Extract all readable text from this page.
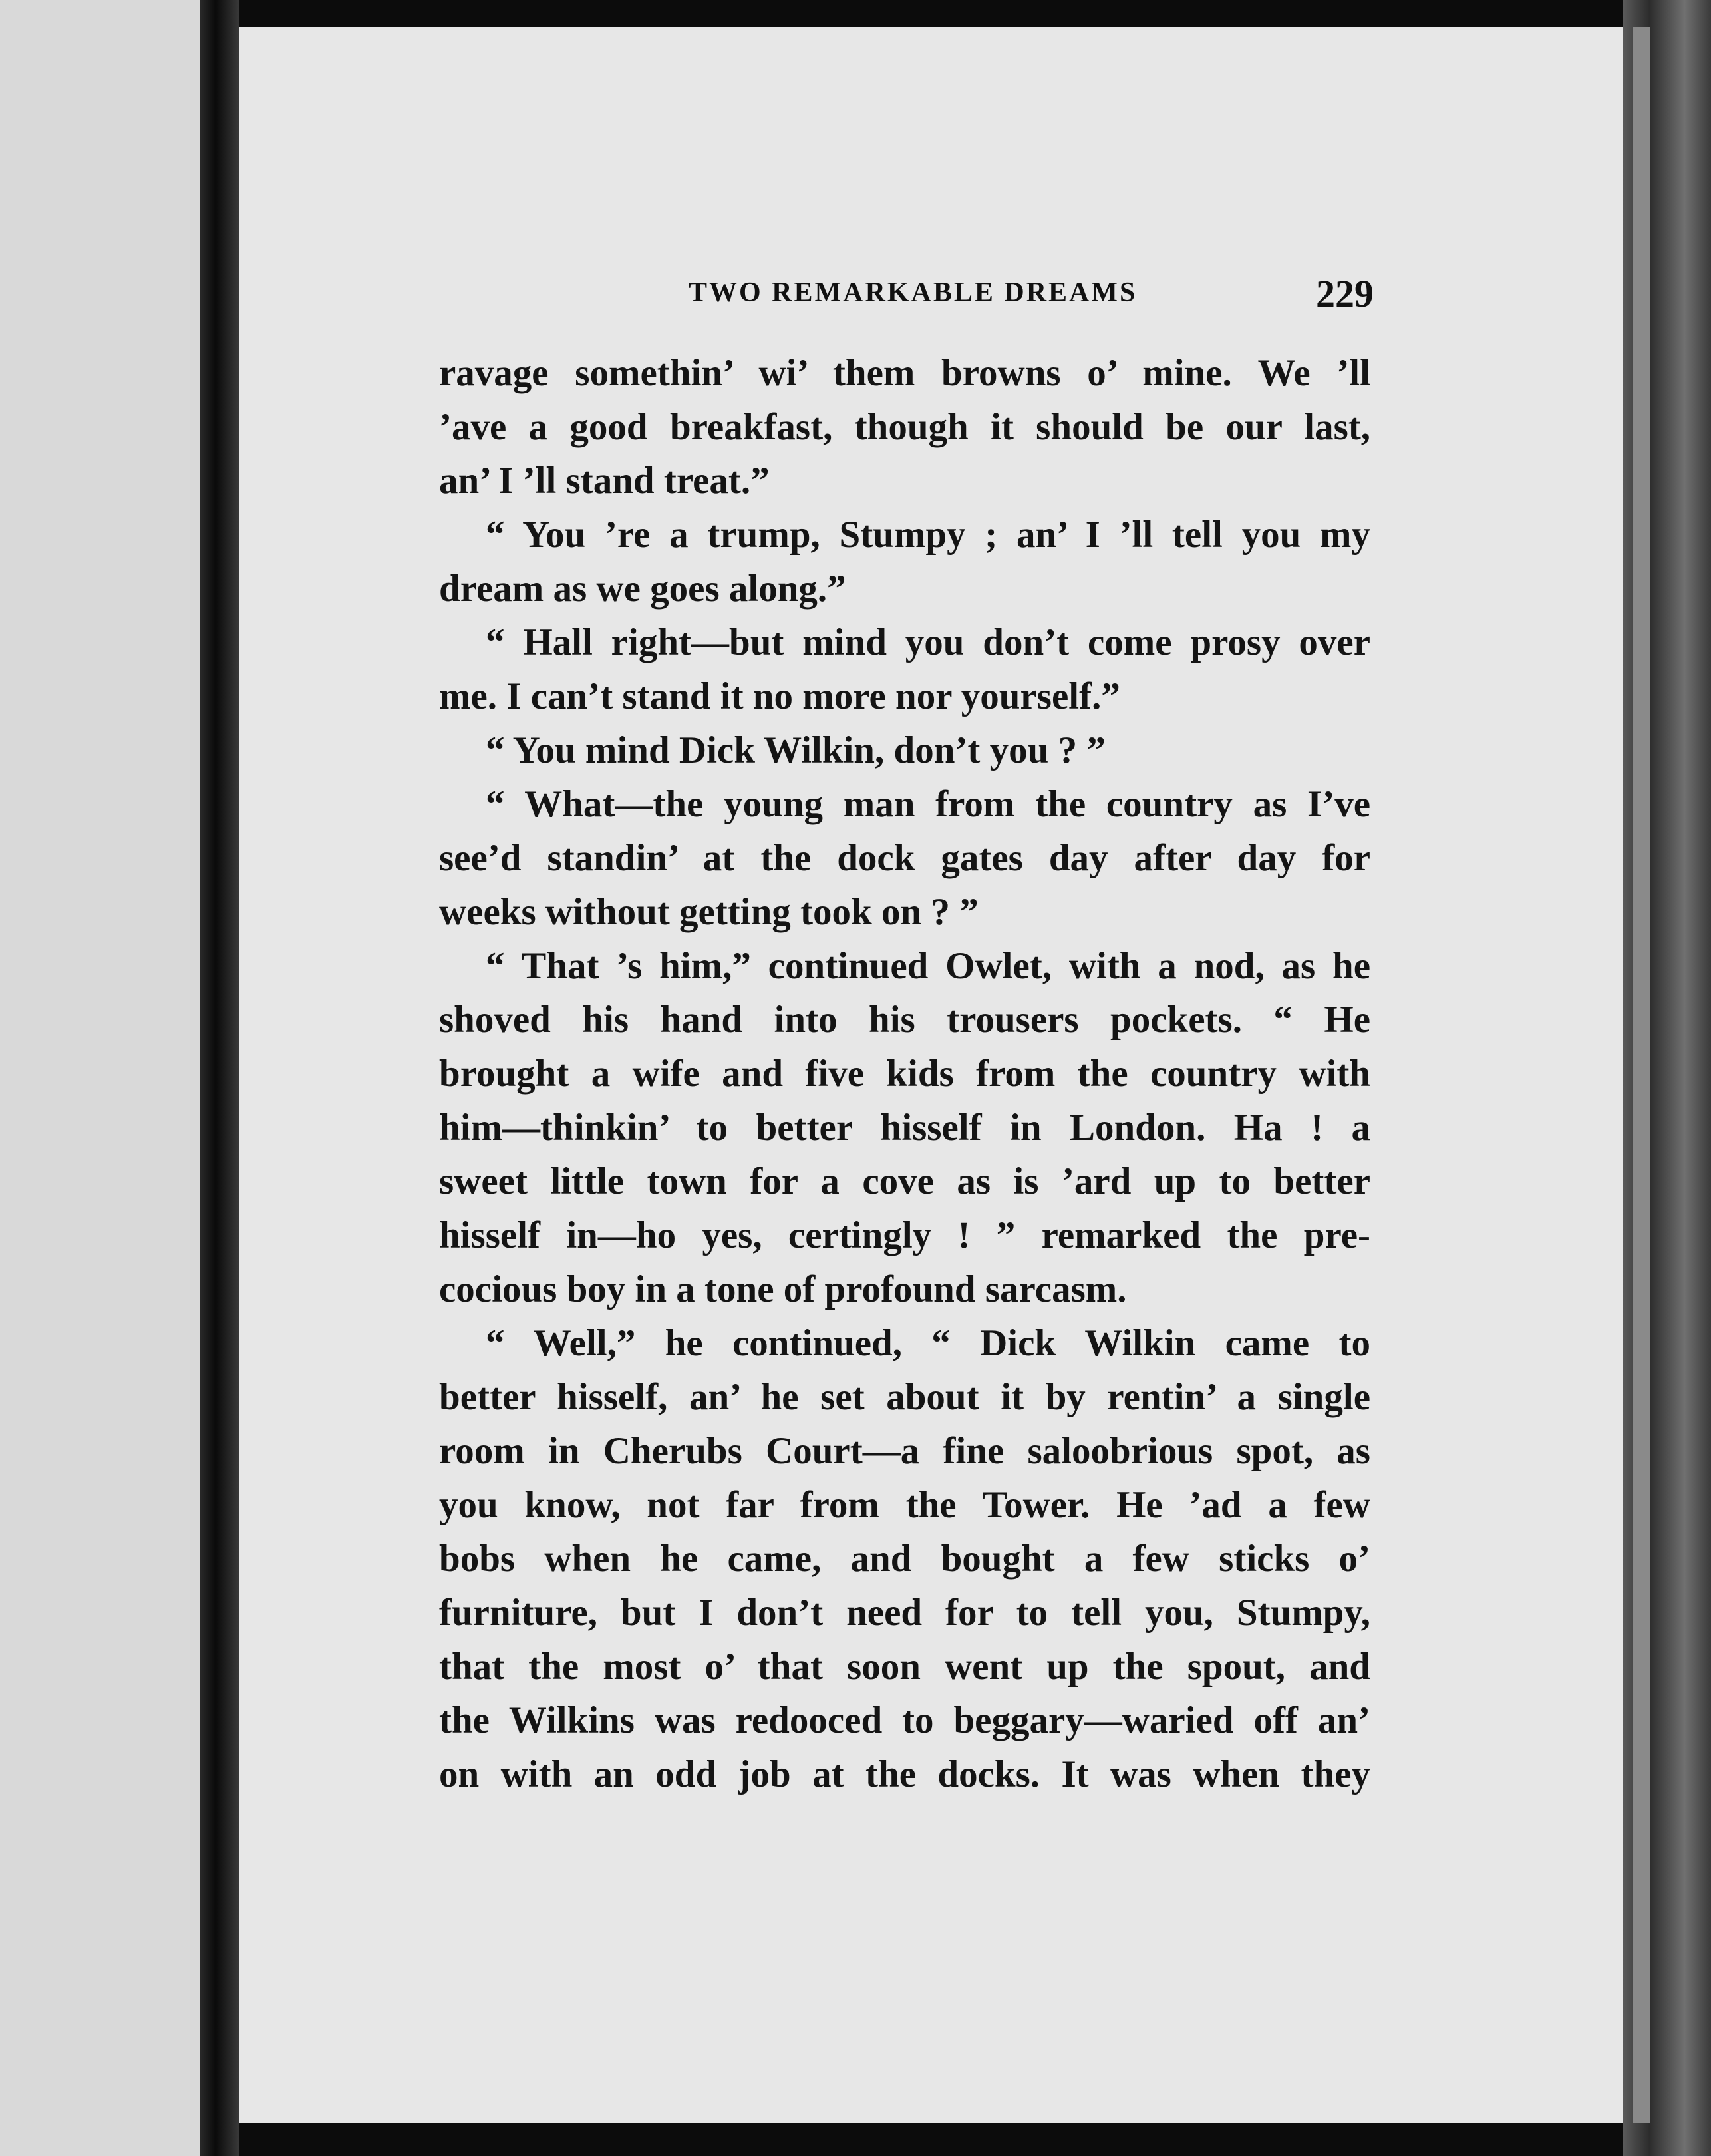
TWO REMARKABLE DREAMS	229
ravage somethin’ wi’ them browns o’ mine. We ’ll
’ave a good breakfast, though it should be our last,
an’ I ’ll stand treat.”
“ You ’re a trump, Stumpy ; an’ I ’ll tell you my
dream as we goes along.”
“ Hall right—but mind you don’t come prosy over
me. I can’t stand it no more nor yourself.”
“ You mind Dick Wilkin, don’t you ? ”
“ What—the young man from the country as I’ve
see’d standin’ at the dock gates day after day for
weeks without getting took on ? ”
“ That ’s him,” continued Owlet, with a nod, as he
shoved his hand into his trousers pockets. “ He
brought a wife and five kids from the country with
him—thinkin’ to better hisself in London. Ha ! a
sweet little town for a cove as is ’ard up to better
hisself in—ho yes, certingly ! ” remarked the pre-
cocious boy in a tone of profound sarcasm.
“ Well,” he continued, “ Dick Wilkin came to
better hisself, an’ he set about it by rentin’ a single
room in Cherubs Court—a fine saloobrious spot, as
you know, not far from the Tower. He ’ad a few
bobs when he came, and bought a few sticks o’
furniture, but I don’t need for to tell you, Stumpy,
that the most o’ that soon went up the spout, and
the Wilkins was redooced to beggary—waried off an’
on with an odd job at the docks. It was when they
